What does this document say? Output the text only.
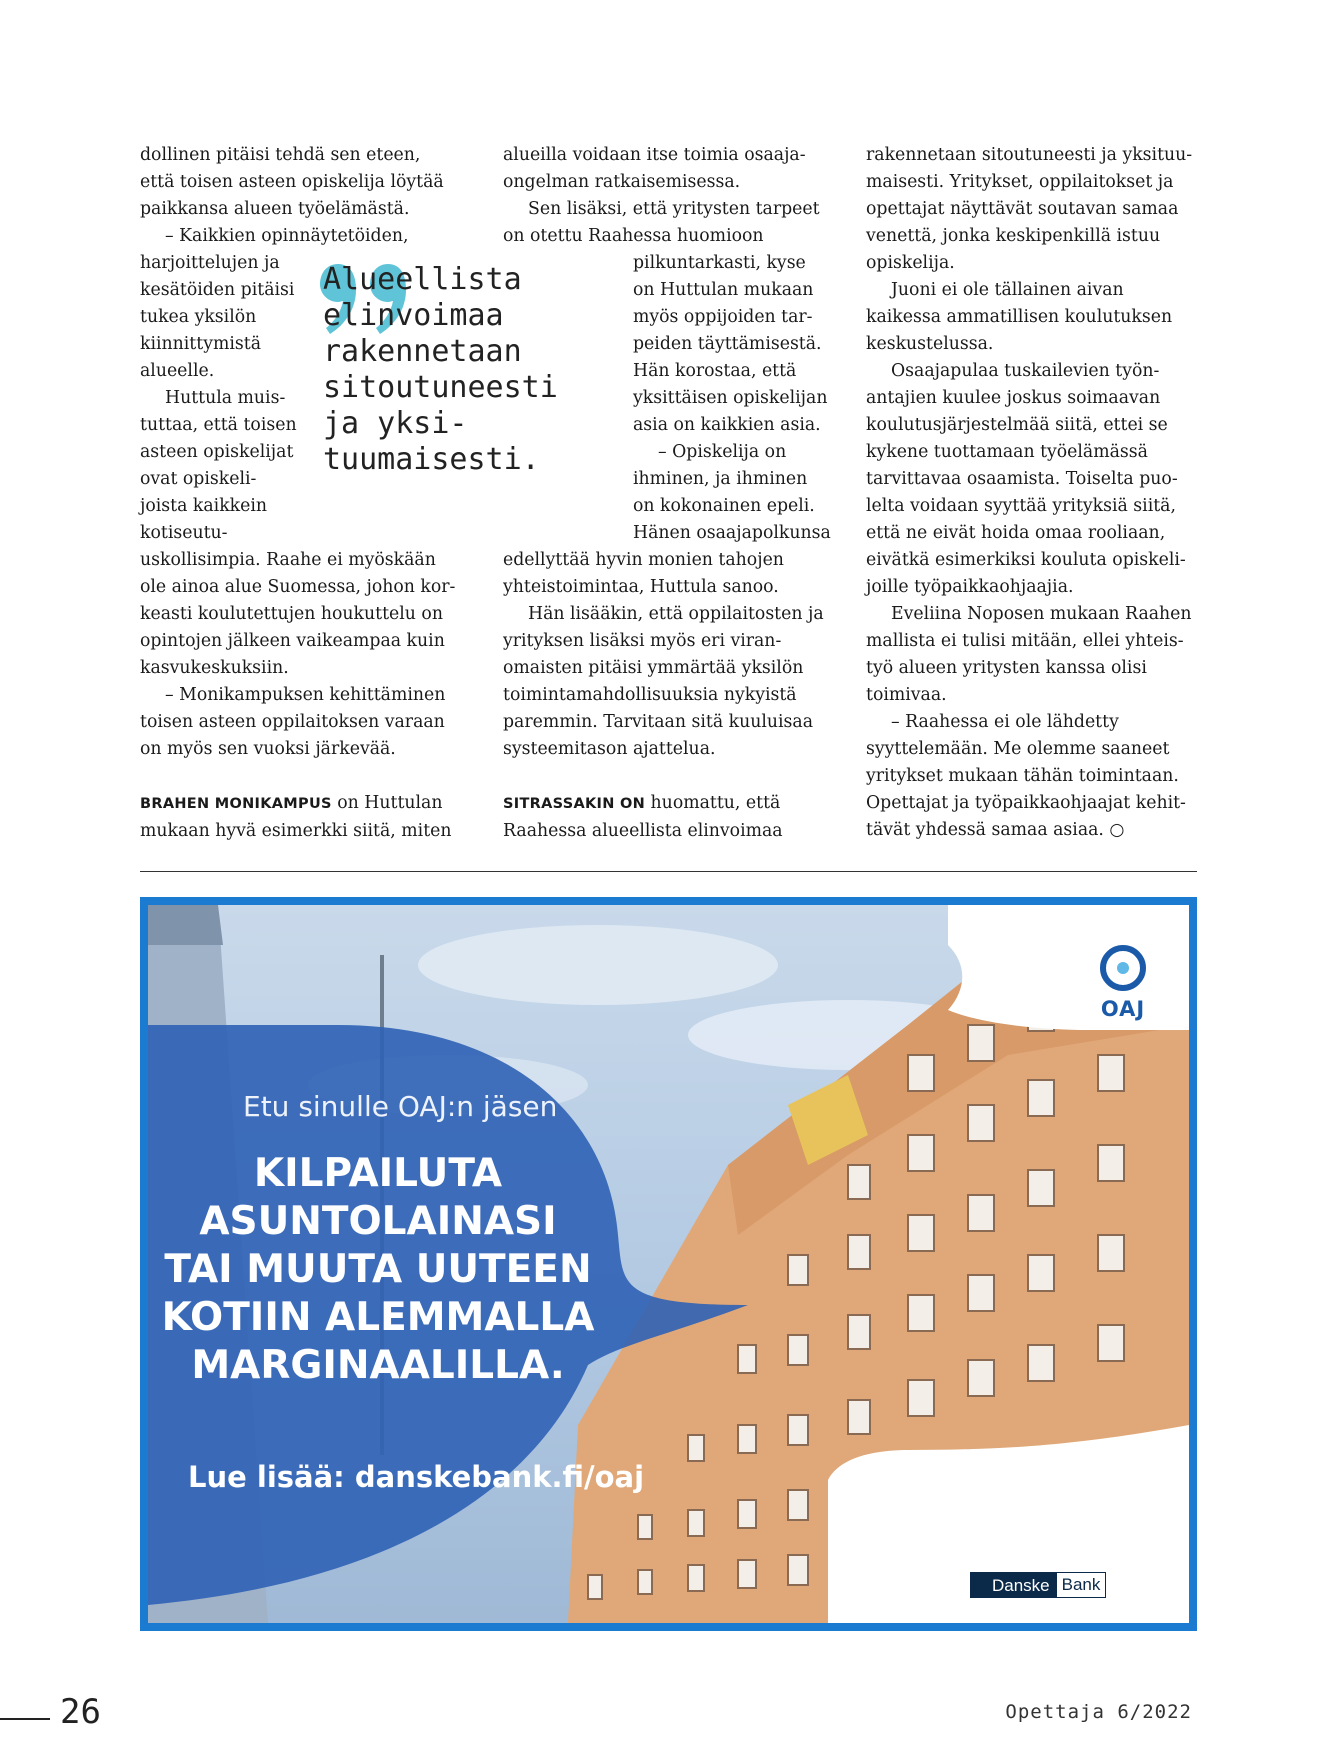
dollinen pitäisi tehdä sen eteen,

että toisen asteen opiskelija löytää

paikkansa alueen työelämästä.

– Kaikkien opinnäytetöiden,

harjoittelujen ja

kesätöiden pitäisi

tukea yksilön

kiinnittymistä

alueelle.

Huttula muis-

tuttaa, että toisen

asteen opiskelijat

ovat opiskeli-

joista kaikkein

kotiseutu-

uskollisimpia. Raahe ei myöskään

ole ainoa alue Suomessa, johon kor-

keasti koulutettujen houkuttelu on

opintojen jälkeen vaikeampaa kuin

kasvukeskuksiin.

– Monikampuksen kehittäminen

toisen asteen oppilaitoksen varaan

on myös sen vuoksi järkevää.

BRAHEN MONIKAMPUS on Huttulan

mukaan hyvä esimerkki siitä, miten

alueilla voidaan itse toimia osaaja-

ongelman ratkaisemisessa.

Sen lisäksi, että yritysten tarpeet

on otettu Raahessa huomioon

pilkuntarkasti, kyse

on Huttulan mukaan

myös oppijoiden tar-

peiden täyttämisestä.

Hän korostaa, että

yksittäisen opiskelijan

asia on kaikkien asia.

– Opiskelija on

ihminen, ja ihminen

on kokonainen epeli.

Hänen osaajapolkunsa

edellyttää hyvin monien tahojen

yhteistoimintaa, Huttula sanoo.

Hän lisääkin, että oppilaitosten ja

yrityksen lisäksi myös eri viran-

omaisten pitäisi ymmärtää yksilön

toimintamahdollisuuksia nykyistä

paremmin. Tarvitaan sitä kuuluisaa

systeemitason ajattelua.

SITRASSAKIN ON huomattu, että

Raahessa alueellista elinvoimaa

rakennetaan sitoutuneesti ja yksituu-

maisesti. Yritykset, oppilaitokset ja

opettajat näyttävät soutavan samaa

venettä, jonka keskipenkillä istuu

opiskelija.

Juoni ei ole tällainen aivan

kaikessa ammatillisen koulutuksen

keskustelussa.

Osaajapulaa tuskailevien työn-

antajien kuulee joskus soimaavan

koulutusjärjestelmää siitä, ettei se

kykene tuottamaan työelämässä

tarvittavaa osaamista. Toiselta puo-

lelta voidaan syyttää yrityksiä siitä,

että ne eivät hoida omaa rooliaan,

eivätkä esimerkiksi kouluta opiskeli-

joille työpaikkaohjaajia.

Eveliina Noposen mukaan Raahen

mallista ei tulisi mitään, ellei yhteis-

työ alueen yritysten kanssa olisi

toimivaa.

– Raahessa ei ole lähdetty

syyttelemään. Me olemme saaneet

yritykset mukaan tähän toimintaan.

Opettajat ja työpaikkaohjaajat kehit-

tävät yhdessä samaa asiaa. ○

Alueellista
elinvoimaa
rakennetaan
sitoutuneesti
ja yksi-
tuumaisesti.
Etu sinulle OAJ:n jäsen
KILPAILUTA
ASUNTOLAINASI
TAI MUUTA UUTEEN
KOTIIN ALEMMALLA
MARGINAALILLA.
Lue lisää: danskebank.fi/oaj
OAJ
Danske Bank
26	Opettaja 6/2022
